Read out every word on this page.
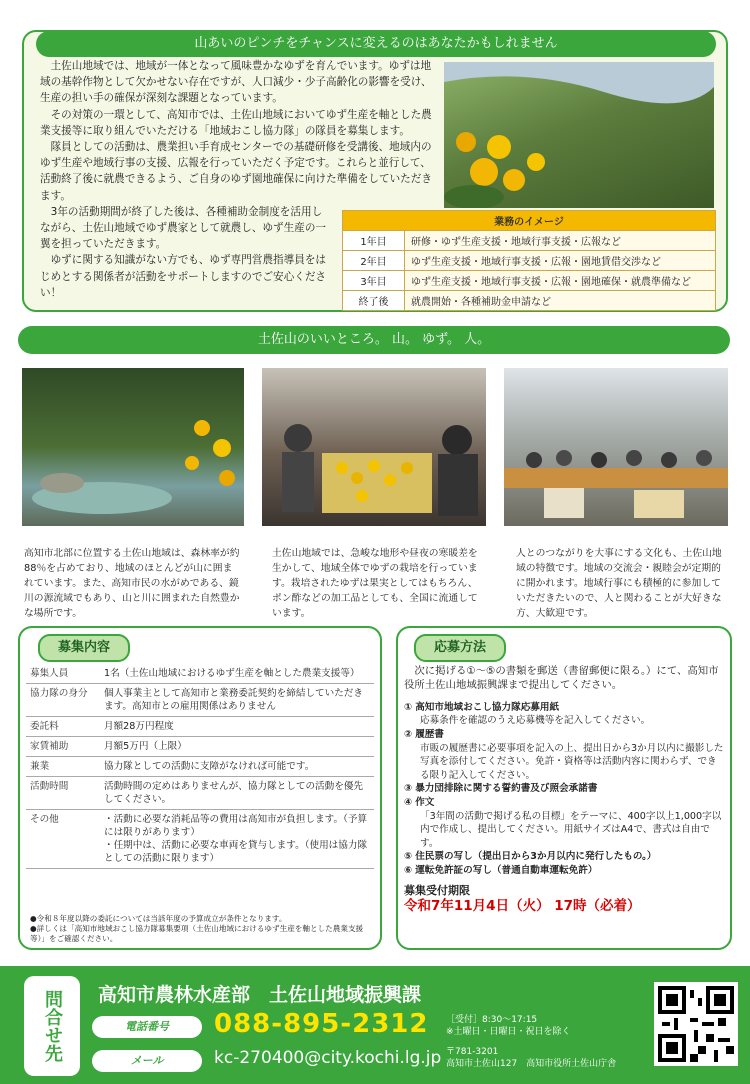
山あいのピンチをチャンスに変えるのはあなたかもしれません

土佐山地域では、地域が一体となって風味豊かなゆずを育んでいます。ゆずは地域の基幹作物として欠かせない存在ですが、人口減少・少子高齢化の影響を受け、生産の担い手の確保が深刻な課題となっています。

その対策の一環として、高知市では、土佐山地域においてゆず生産を軸とした農業支援等に取り組んでいただける「地域おこし協力隊」の隊員を募集します。

隊員としての活動は、農業担い手育成センターでの基礎研修を受講後、地域内のゆず生産や地域行事の支援、広報を行っていただく予定です。これらと並行して、活動終了後に就農できるよう、ご自身のゆず園地確保に向けた準備をしていただきます。

3年の活動期間が終了した後は、各種補助金制度を活用しながら、土佐山地域でゆず農家として就農し、ゆず生産の一翼を担っていただきます。

ゆずに関する知識がない方でも、ゆず専門営農指導員をはじめとする関係者が活動をサポートしますのでご安心ください！

業務のイメージ	
1年目	研修・ゆず生産支援・地域行事支援・広報など
2年目	ゆず生産支援・地域行事支援・広報・園地賃借交渉など
3年目	ゆず生産支援・地域行事支援・広報・園地確保・就農準備など
終了後	就農開始・各種補助金申請など
土佐山のいいところ。 山。 ゆず。 人。
高知市北部に位置する土佐山地域は、森林率が約88％を占めており、地域のほとんどが山に囲まれています。また、高知市民の水がめである、鏡川の源流域でもあり、山と川に囲まれた自然豊かな場所です。
土佐山地域では、急峻な地形や昼夜の寒暖差を生かして、地域全体でゆずの栽培を行っています。栽培されたゆずは果実としてはもちろん、ポン酢などの加工品としても、全国に流通しています。
人とのつながりを大事にする文化も、土佐山地域の特徴です。地域の交流会・親睦会が定期的に開かれます。地域行事にも積極的に参加していただきたいので、人と関わることが大好きな方、大歓迎です。
募集内容
募集人員	1名（土佐山地域におけるゆず生産を軸とした農業支援等）
協力隊の身分	個人事業主として高知市と業務委託契約を締結していただきます。高知市との雇用関係はありません
委託料	月額28万円程度
家賃補助	月額5万円（上限）
兼業	協力隊としての活動に支障がなければ可能です。
活動時間	活動時間の定めはありませんが、協力隊としての活動を優先してください。
その他	・活動に必要な消耗品等の費用は高知市が負担します。（予算には限りがあります）
・任期中は、活動に必要な車両を貸与します。（使用は協力隊としての活動に限ります）
●令和８年度以降の委託については当該年度の予算成立が条件となります。
●詳しくは「高知市地域おこし協力隊募集要項（土佐山地域におけるゆず生産を軸とした農業支援等）」をご確認ください。
応募方法
次に掲げる①～⑤の書類を郵送（書留郵便に限る。）にて、高知市役所土佐山地域振興課まで提出してください。
① 高知市地域おこし協力隊応募用紙
応募条件を確認のうえ応募機等を記入してください。
② 履歴書
市販の履歴書に必要事項を記入の上、提出日から3か月以内に撮影した写真を添付してください。免許・資格等は活動内容に関わらず、できる限り記入してください。
③ 暴力団排除に関する誓約書及び照会承諾書
④ 作文
「3年間の活動で掲げる私の目標」をテーマに、400字以上1,000字以内で作成し、提出してください。用紙サイズはA4で、書式は自由です。
⑤ 住民票の写し（提出日から3か月以内に発行したもの。）
⑥ 運転免許証の写し（普通自動車運転免許）
募集受付期限
令和7年11月4日（火） 17時（必着）
問合せ先	高知市農林水産部　土佐山地域振興課
電話番号	088-895-2312 ［受付］8:30～17:15
※土曜日・日曜日・祝日を除く
メール	kc-270400@city.kochi.lg.jp 〒781-3201
高知市土佐山127　高知市役所土佐山庁舎
